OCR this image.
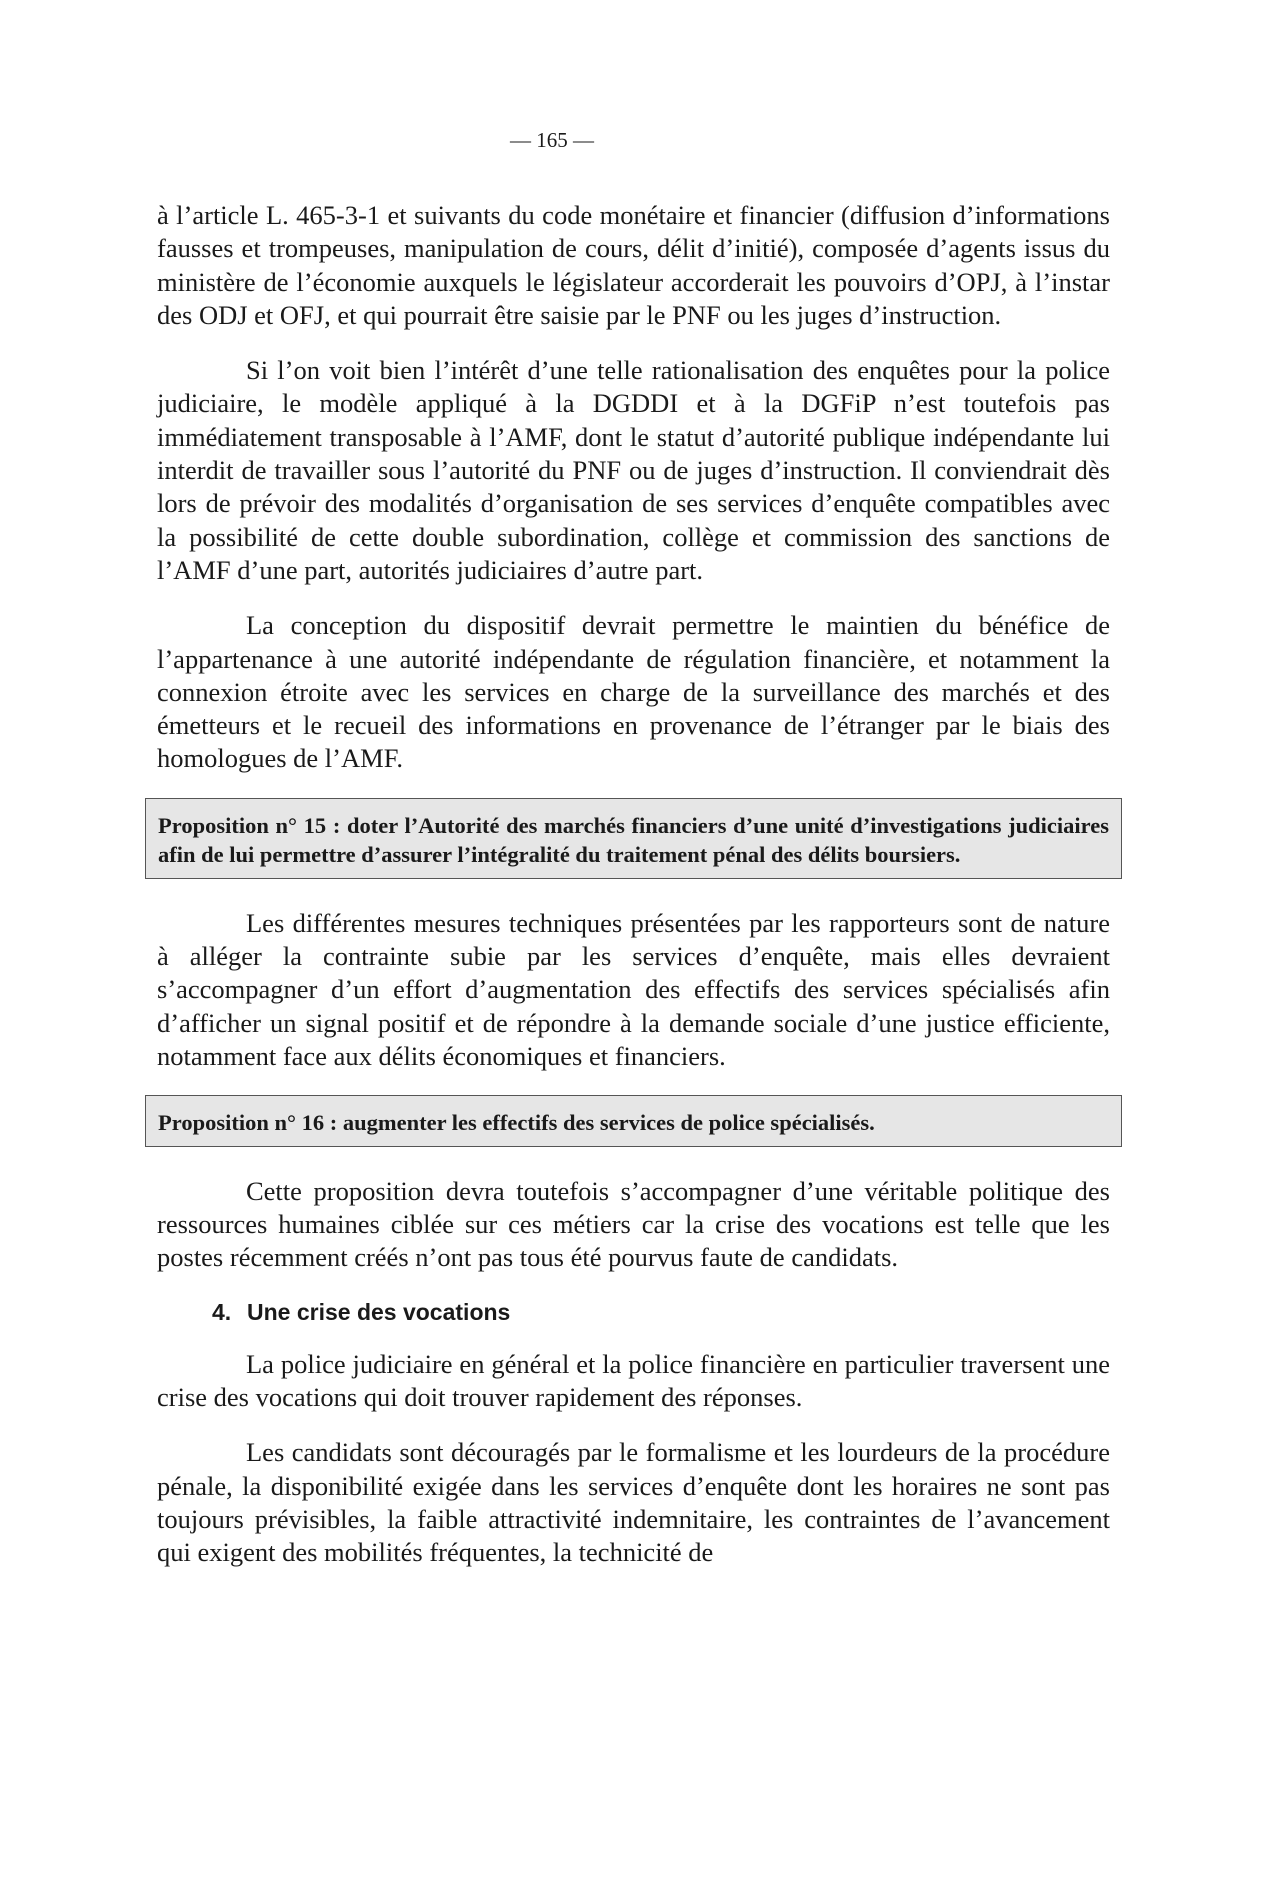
— 165 —

à l’article L. 465-3-1 et suivants du code monétaire et financier (diffusion d’informations fausses et trompeuses, manipulation de cours, délit d’initié), composée d’agents issus du ministère de l’économie auxquels le législateur accorderait les pouvoirs d’OPJ, à l’instar des ODJ et OFJ, et qui pourrait être saisie par le PNF ou les juges d’instruction.

Si l’on voit bien l’intérêt d’une telle rationalisation des enquêtes pour la police judiciaire, le modèle appliqué à la DGDDI et à la DGFiP n’est toutefois pas immédiatement transposable à l’AMF, dont le statut d’autorité publique indépendante lui interdit de travailler sous l’autorité du PNF ou de juges d’instruction. Il conviendrait dès lors de prévoir des modalités d’organisation de ses services d’enquête compatibles avec la possibilité de cette double subordination, collège et commission des sanctions de l’AMF d’une part, autorités judiciaires d’autre part.

La conception du dispositif devrait permettre le maintien du bénéfice de l’appartenance à une autorité indépendante de régulation financière, et notamment la connexion étroite avec les services en charge de la surveillance des marchés et des émetteurs et le recueil des informations en provenance de l’étranger par le biais des homologues de l’AMF.

Proposition n° 15 : doter l’Autorité des marchés financiers d’une unité d’investigations judiciaires afin de lui permettre d’assurer l’intégralité du traitement pénal des délits boursiers.

Les différentes mesures techniques présentées par les rapporteurs sont de nature à alléger la contrainte subie par les services d’enquête, mais elles devraient s’accompagner d’un effort d’augmentation des effectifs des services spécialisés afin d’afficher un signal positif et de répondre à la demande sociale d’une justice efficiente, notamment face aux délits économiques et financiers.

Proposition n° 16 : augmenter les effectifs des services de police spécialisés.

Cette proposition devra toutefois s’accompagner d’une véritable politique des ressources humaines ciblée sur ces métiers car la crise des vocations est telle que les postes récemment créés n’ont pas tous été pourvus faute de candidats.

4. Une crise des vocations

La police judiciaire en général et la police financière en particulier traversent une crise des vocations qui doit trouver rapidement des réponses.

Les candidats sont découragés par le formalisme et les lourdeurs de la procédure pénale, la disponibilité exigée dans les services d’enquête dont les horaires ne sont pas toujours prévisibles, la faible attractivité indemnitaire, les contraintes de l’avancement qui exigent des mobilités fréquentes, la technicité de
